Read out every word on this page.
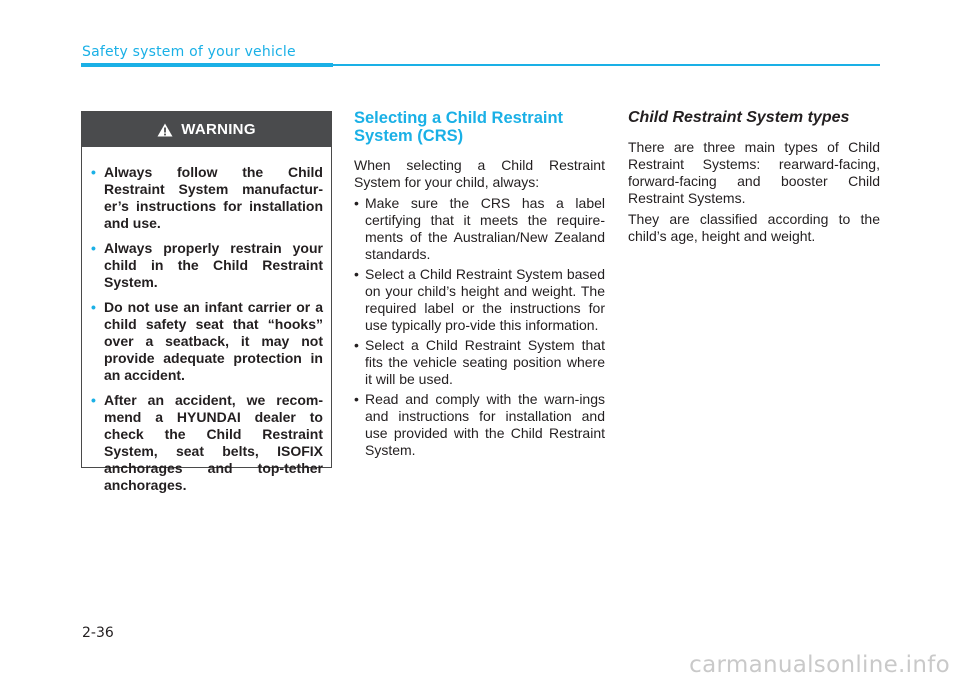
Safety system of your vehicle
WARNING
• Always follow the Child Restraint System manufactur-er’s instructions for installation and use.
• Always properly restrain your child in the Child Restraint System.
• Do not use an infant carrier or a child safety seat that “hooks” over a seatback, it may not provide adequate protection in an accident.
• After an accident, we recom-mend a HYUNDAI dealer to check the Child Restraint System, seat belts, ISOFIX anchorages and top-tether anchorages.
Selecting a Child Restraint System (CRS)

When selecting a Child Restraint System for your child, always:

• Make sure the CRS has a label certifying that it meets the require-ments of the Australian/New Zealand standards.
• Select a Child Restraint System based on your child’s height and weight. The required label or the instructions for use typically pro-vide this information.
• Select a Child Restraint System that fits the vehicle seating position where it will be used.
• Read and comply with the warn-ings and instructions for installation and use provided with the Child Restraint System.
Child Restraint System types

There are three main types of Child Restraint Systems: rearward-facing, forward-facing and booster Child Restraint Systems.

They are classified according to the child’s age, height and weight.

2-36
carmanualsonline.info
